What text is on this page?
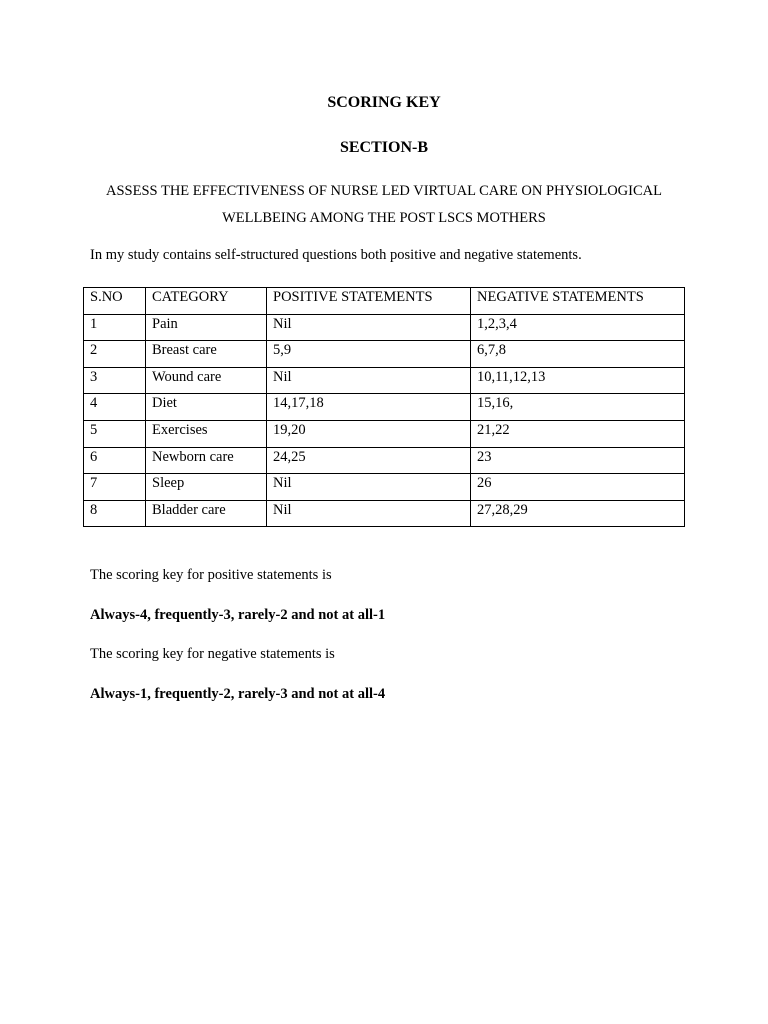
SCORING KEY
SECTION-B

ASSESS THE EFFECTIVENESS OF NURSE LED VIRTUAL CARE ON PHYSIOLOGICAL
WELLBEING AMONG THE POST LSCS MOTHERS

In my study contains self-structured questions both positive and negative statements.

S.NO	CATEGORY	POSITIVE STATEMENTS	NEGATIVE STATEMENTS
1	Pain	Nil	1,2,3,4
2	Breast care	5,9	6,7,8
3	Wound care	Nil	10,11,12,13
4	Diet	14,17,18	15,16,
5	Exercises	19,20	21,22
6	Newborn care	24,25	23
7	Sleep	Nil	26
8	Bladder care	Nil	27,28,29

The scoring key for positive statements is

Always-4, frequently-3, rarely-2 and not at all-1

The scoring key for negative statements is

Always-1, frequently-2, rarely-3 and not at all-4
